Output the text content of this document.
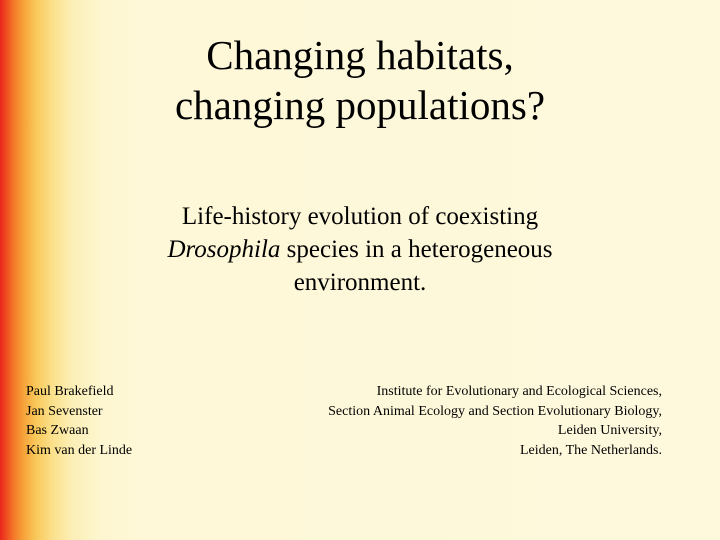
Changing habitats,
changing populations?

Life-history evolution of coexisting
Drosophila species in a heterogeneous
environment.

Paul Brakefield
Jan Sevenster
Bas Zwaan
Kim van der Linde
Institute for Evolutionary and Ecological Sciences,
Section Animal Ecology and Section Evolutionary Biology,
Leiden University,
Leiden, The Netherlands.
